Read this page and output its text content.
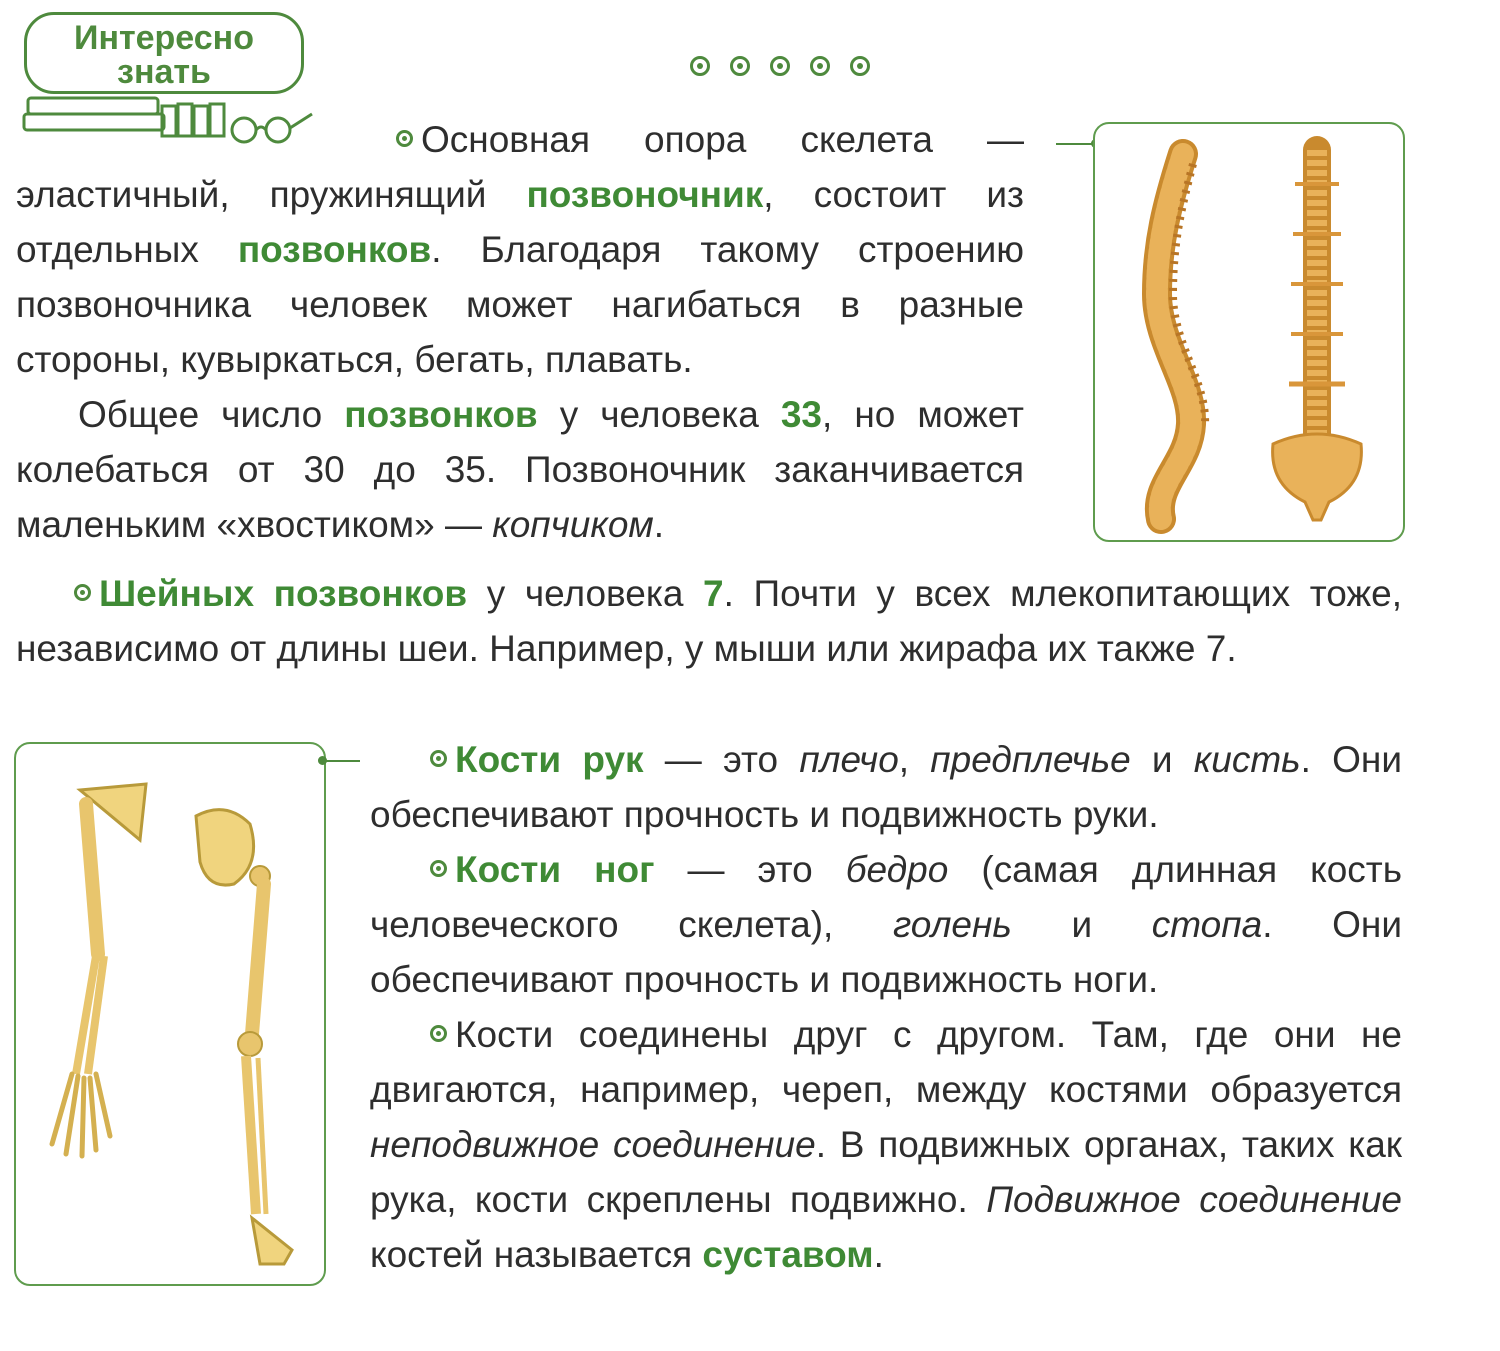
Интересно
знать

Основная опора скелета — эластичный, пружинящий позвоночник, состоит из отдельных позвонков. Благодаря такому строению позвоночника человек может нагибаться в разные стороны, кувыркаться, бегать, плавать.

Общее число позвонков у человека 33, но может колебаться от 30 до 35. Позвоночник заканчивается маленьким «хвостиком» — копчиком.

Шейных позвонков у человека 7. Почти у всех млекопитающих тоже, независимо от длины шеи. Например, у мыши или жирафа их также 7.

Кости рук — это плечо, предплечье и кисть. Они обеспечивают прочность и подвижность руки.

Кости ног — это бедро (самая длинная кость человеческого скелета), голень и стопа. Они обеспечивают прочность и подвижность ноги.

Кости соединены друг с другом. Там, где они не двигаются, например, череп, между костями образуется неподвижное соединение. В подвижных органах, таких как рука, кости скреплены подвижно. Подвижное соединение костей называется суставом.
